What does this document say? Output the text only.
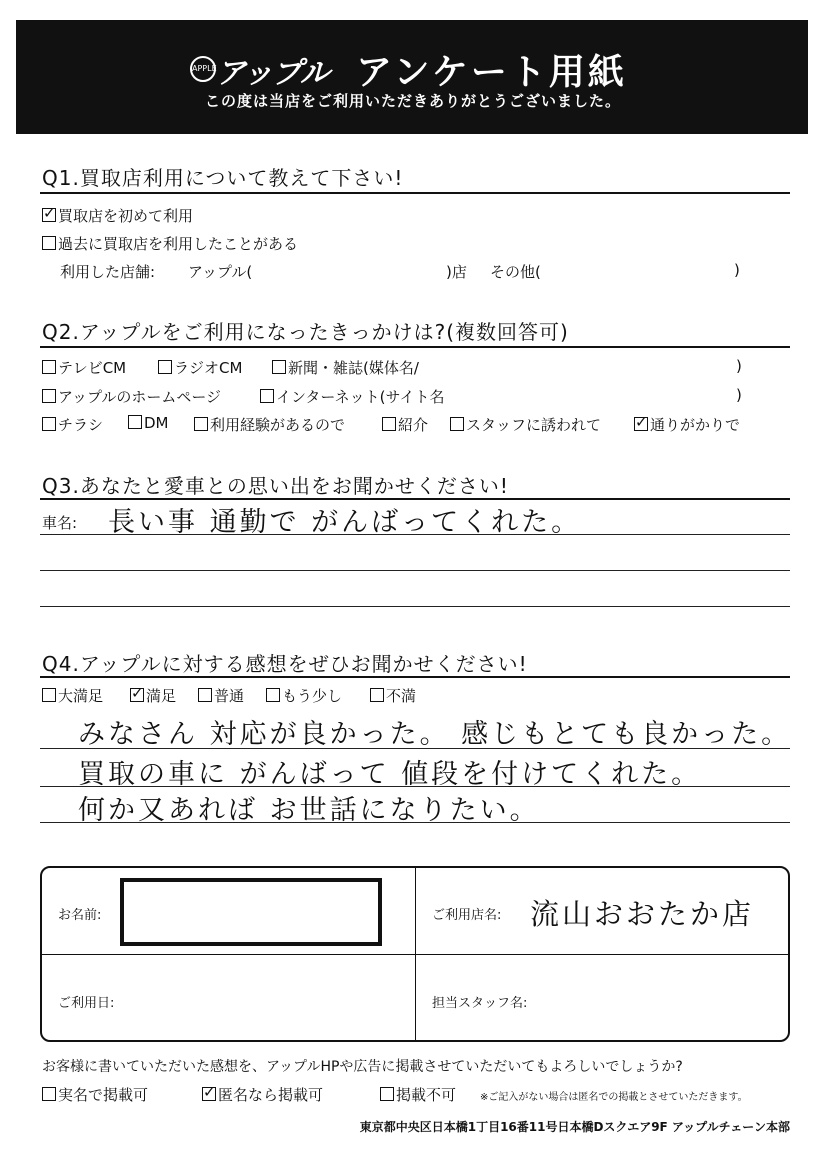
APPLE アップル アンケート用紙
この度は当店をご利用いただきありがとうございました。
Q1.買取店利用について教えて下さい!
✓買取店を初めて利用
過去に買取店を利用したことがある
利用した店舗: アップル(	)店 その他(	)
Q2.アップルをご利用になったきっかけは?(複数回答可)
テレビCM	ラジオCM	新聞・雑誌(媒体名/	)
アップルのホームページ	インターネット(サイト名	)
チラシ	DM	利用経験があるので	紹介	スタッフに誘われて ✓	通りがかりで
Q3.あなたと愛車との思い出をお聞かせください!
車名: 長い事 通勤で がんばってくれた。
Q4.アップルに対する感想をぜひお聞かせください!
大満足 ✓	満足	普通	もう少し	不満
みなさん 対応が良かった。 感じもとても良かった。
買取の車に がんばって 値段を付けてくれた。
何か又あれば お世話になりたい。
お名前:	ご利用店名: 流山おおたか店
ご利用日:	担当スタッフ名:
お客様に書いていただいた感想を、アップルHPや広告に掲載させていただいてもよろしいでしょうか?
実名で掲載可 ✓	匿名なら掲載可	掲載不可 ※ご記入がない場合は匿名での掲載とさせていただきます。
東京都中央区日本橋1丁目16番11号日本橋Dスクエア9F アップルチェーン本部
